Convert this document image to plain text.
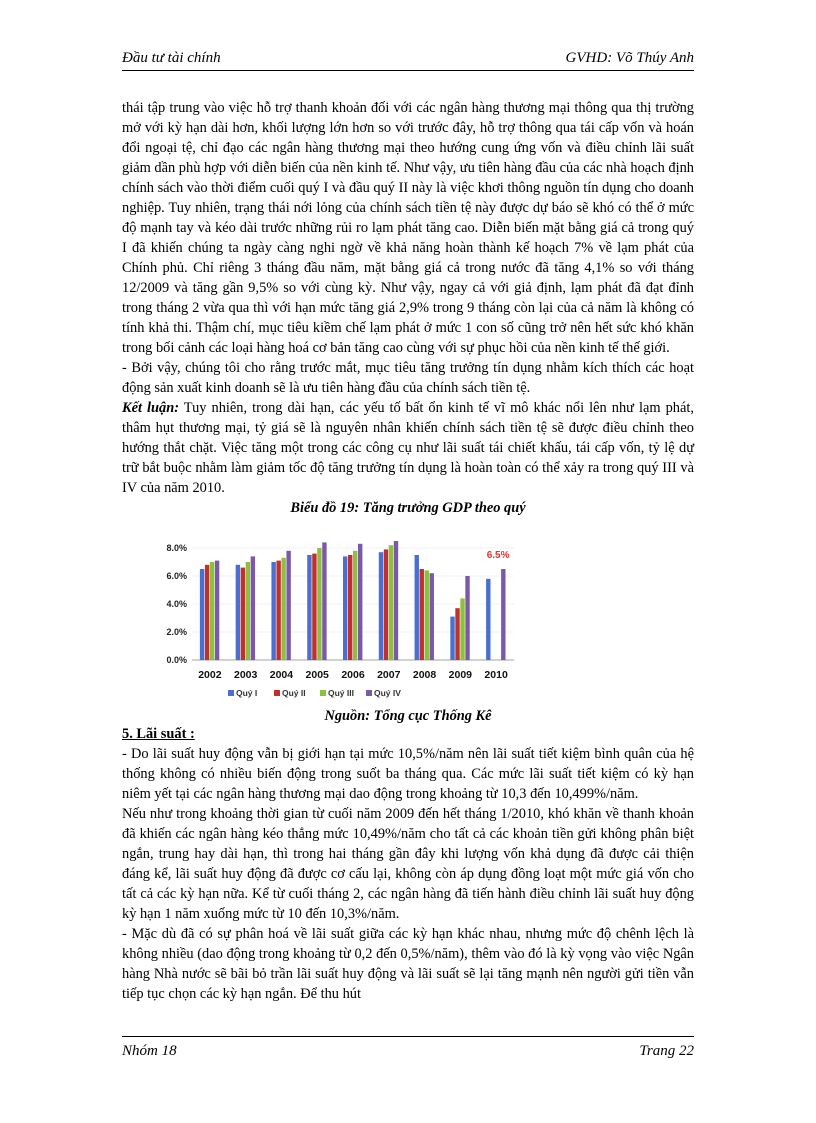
Đầu tư tài chính	GVHD: Võ Thúy Anh

thái tập trung vào việc hỗ trợ thanh khoản đối với các ngân hàng thương mại thông qua thị trường mở với kỳ hạn dài hơn, khối lượng lớn hơn so với trước đây, hỗ trợ thông qua tái cấp vốn và hoán đổi ngoại tệ, chỉ đạo các ngân hàng thương mại theo hướng cung ứng vốn và điều chỉnh lãi suất giảm dần phù hợp với diễn biến của nền kinh tế. Như vậy, ưu tiên hàng đầu của các nhà hoạch định chính sách vào thời điểm cuối quý I và đầu quý II này là việc khơi thông nguồn tín dụng cho doanh nghiệp. Tuy nhiên, trạng thái nới lỏng của chính sách tiền tệ này được dự báo sẽ khó có thể ở mức độ mạnh tay và kéo dài trước những rủi ro lạm phát tăng cao. Diễn biến mặt bằng giá cả trong quý I đã khiến chúng ta ngày càng nghi ngờ về khả năng hoàn thành kế hoạch 7% về lạm phát của Chính phủ. Chỉ riêng 3 tháng đầu năm, mặt bằng giá cả trong nước đã tăng 4,1% so với tháng 12/2009 và tăng gần 9,5% so với cùng kỳ. Như vậy, ngay cả với giả định, lạm phát đã đạt đỉnh trong tháng 2 vừa qua thì với hạn mức tăng giá 2,9% trong 9 tháng còn lại của cả năm là không có tính khả thi. Thậm chí, mục tiêu kiềm chế lạm phát ở mức 1 con số cũng trở nên hết sức khó khăn trong bối cảnh các loại hàng hoá cơ bản tăng cao cùng với sự phục hồi của nền kinh tế thế giới.

- Bởi vậy, chúng tôi cho rằng trước mắt, mục tiêu tăng trưởng tín dụng nhằm kích thích các hoạt động sản xuất kinh doanh sẽ là ưu tiên hàng đầu của chính sách tiền tệ.

Kết luận: Tuy nhiên, trong dài hạn, các yếu tố bất ổn kinh tế vĩ mô khác nổi lên như lạm phát, thâm hụt thương mại, tỷ giá sẽ là nguyên nhân khiến chính sách tiền tệ sẽ được điều chỉnh theo hướng thắt chặt. Việc tăng một trong các công cụ như lãi suất tái chiết khấu, tái cấp vốn, tỷ lệ dự trữ bắt buộc nhằm làm giảm tốc độ tăng trưởng tín dụng là hoàn toàn có thể xảy ra trong quý III và IV của năm 2010.

Biểu đồ 19: Tăng trưởng GDP theo quý
0.0%
2.0%
4.0%
6.0%
8.0%
2002 2003 2004 2005 2006 2007 2008 2009 2010
6.5%
Quý I	Quý II	Quý III Quý IV
Nguồn: Tổng cục Thống Kê
5. Lãi suất :

- Do lãi suất huy động vẫn bị giới hạn tại mức 10,5%/năm nên lãi suất tiết kiệm bình quân của hệ thống không có nhiều biến động trong suốt ba tháng qua. Các mức lãi suất tiết kiệm có kỳ hạn niêm yết tại các ngân hàng thương mại dao động trong khoảng từ 10,3 đến 10,499%/năm.

Nếu như trong khoảng thời gian từ cuối năm 2009 đến hết tháng 1/2010, khó khăn về thanh khoản đã khiến các ngân hàng kéo thẳng mức 10,49%/năm cho tất cả các khoản tiền gửi không phân biệt ngắn, trung hay dài hạn, thì trong hai tháng gần đây khi lượng vốn khả dụng đã được cải thiện đáng kể, lãi suất huy động đã được cơ cấu lại, không còn áp dụng đồng loạt một mức giá vốn cho tất cả các kỳ hạn nữa. Kể từ cuối tháng 2, các ngân hàng đã tiến hành điều chỉnh lãi suất huy động kỳ hạn 1 năm xuống mức từ 10 đến 10,3%/năm.

- Mặc dù đã có sự phân hoá về lãi suất giữa các kỳ hạn khác nhau, nhưng mức độ chênh lệch là không nhiều (dao động trong khoảng từ 0,2 đến 0,5%/năm), thêm vào đó là kỳ vọng vào việc Ngân hàng Nhà nước sẽ bãi bỏ trần lãi suất huy động và lãi suất sẽ lại tăng mạnh nên người gửi tiền vẫn tiếp tục chọn các kỳ hạn ngắn. Để thu hút

Nhóm 18	Trang 22
